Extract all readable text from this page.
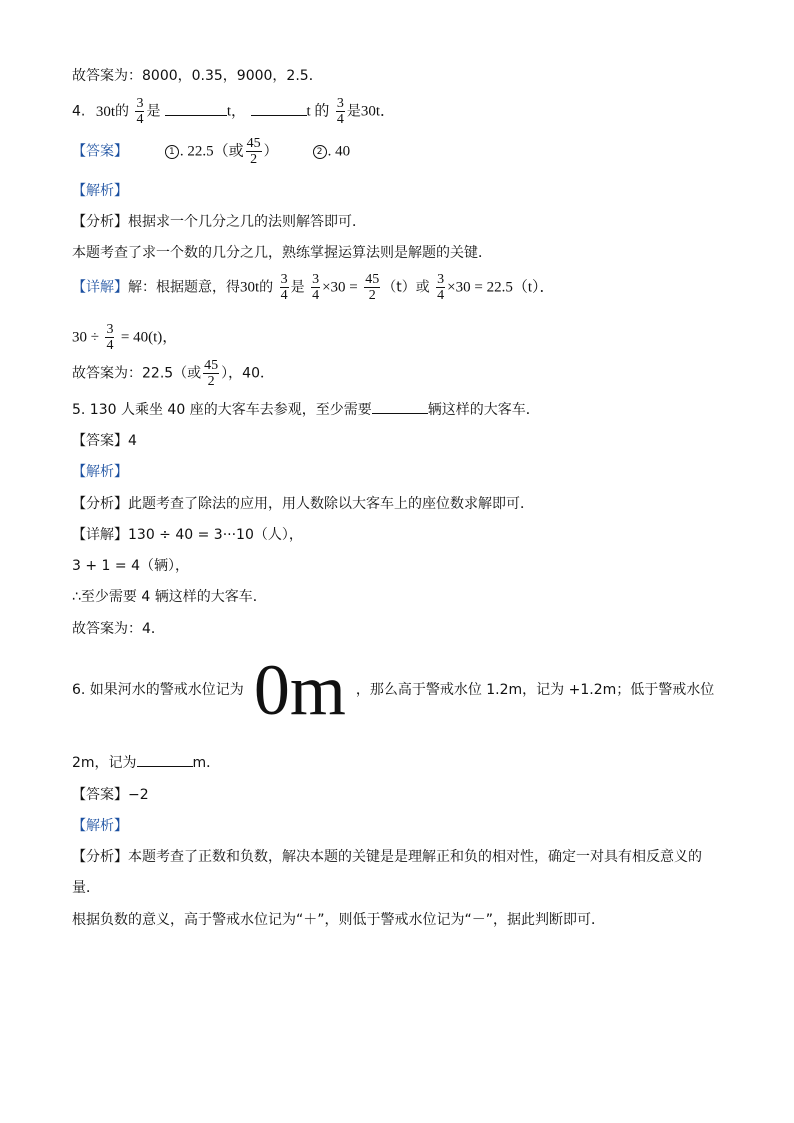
故答案为：8000，0.35，9000，2.5．
4. 30t的 $\frac{3}{4}$ 是	t，	t 的 $\frac{3}{4}$ 是30t．
【答案】	1 . 22.5（或 $\frac{45}{2}$ ）	2 . 40
【解析】
【分析】根据求一个几分之几的法则解答即可．
本题考查了求一个数的几分之几，熟练掌握运算法则是解题的关键．
【详解】解：根据题意，得30t的 $\frac{3}{4}$ 是 $\frac{3}{4} \times 30 = \frac{45}{2} (t)$或 $\frac{3}{4} \times 30 = 22.5(t)$．
$30 \div \frac{3}{4} = 40(t)$，
故答案为：22.5（或 $\frac{45}{2}$ ），40．
5. 130 人乘坐 40 座的大客车去参观，至少需要	辆这样的大客车．
【答案】4
【解析】
【分析】此题考查了除法的应用，用人数除以大客车上的座位数求解即可．
【详解】130 ÷ 40 = 3···10（人），
3 + 1 = 4（辆），
∴至少需要 4 辆这样的大客车．
故答案为：4．
6. 如果河水的警戒水位记为 0m ，那么高于警戒水位 1.2m，记为 +1.2m；低于警戒水位
2m，记为	m．
【答案】−2
【解析】
【分析】本题考查了正数和负数，解决本题的关键是是理解正和负的相对性，确定一对具有相反意义的
量．
根据负数的意义，高于警戒水位记为“＋”，则低于警戒水位记为“－”，据此判断即可．
